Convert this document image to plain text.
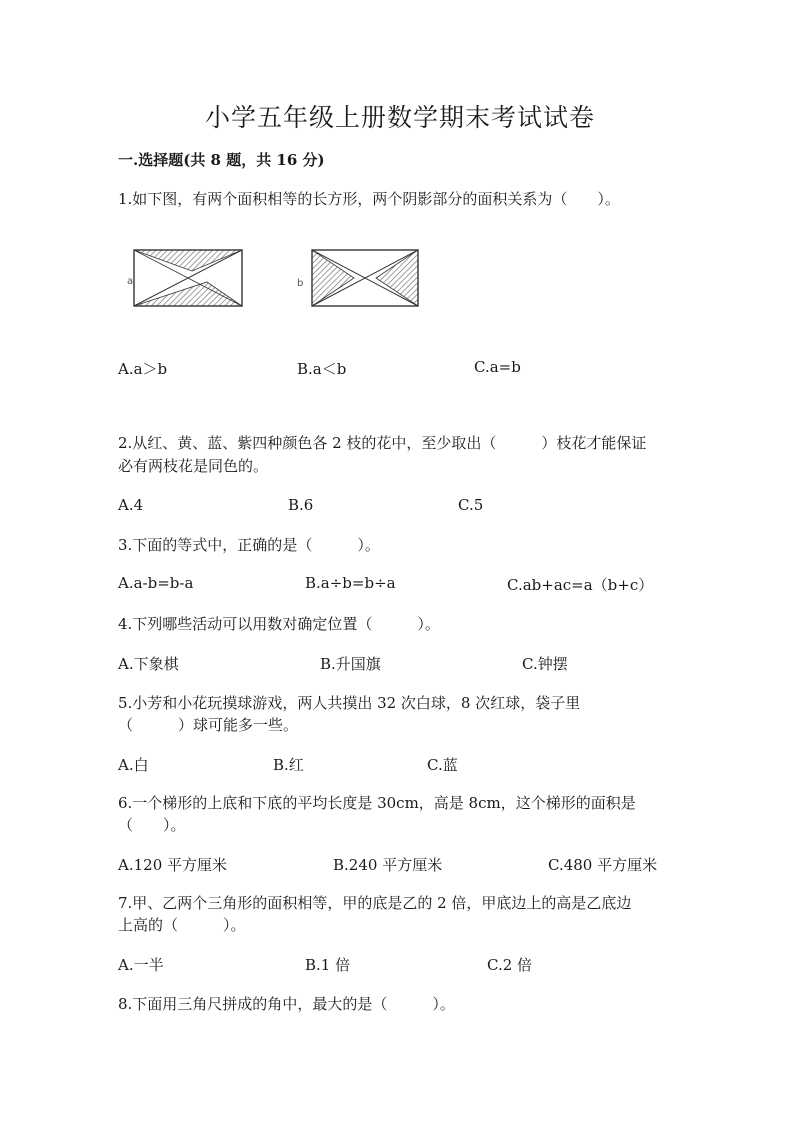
小学五年级上册数学期末考试试卷
一.选择题(共 8 题，共 16 分)
1.如下图，有两个面积相等的长方形，两个阴影部分的面积关系为（　　）。
a	b
A.a＞b	B.a＜b	C.a=b
2.从红、黄、蓝、紫四种颜色各 2 枝的花中，至少取出（　　　）枝花才能保证
必有两枝花是同色的。
A.4	B.6	C.5
3.下面的等式中，正确的是（　　　）。
A.a-b=b-a	B.a÷b=b÷a	C.ab+ac=a（b+c）
4.下列哪些活动可以用数对确定位置（　　　）。
A.下象棋	B.升国旗	C.钟摆
5.小芳和小花玩摸球游戏，两人共摸出 32 次白球，8 次红球，袋子里
（　　　）球可能多一些。
A.白	B.红	C.蓝
6.一个梯形的上底和下底的平均长度是 30cm，高是 8cm，这个梯形的面积是
（　　）。
A.120 平方厘米	B.240 平方厘米	C.480 平方厘米
7.甲、乙两个三角形的面积相等，甲的底是乙的 2 倍，甲底边上的高是乙底边
上高的（　　　）。
A.一半	B.1 倍	C.2 倍
8.下面用三角尺拼成的角中，最大的是（　　　）。
